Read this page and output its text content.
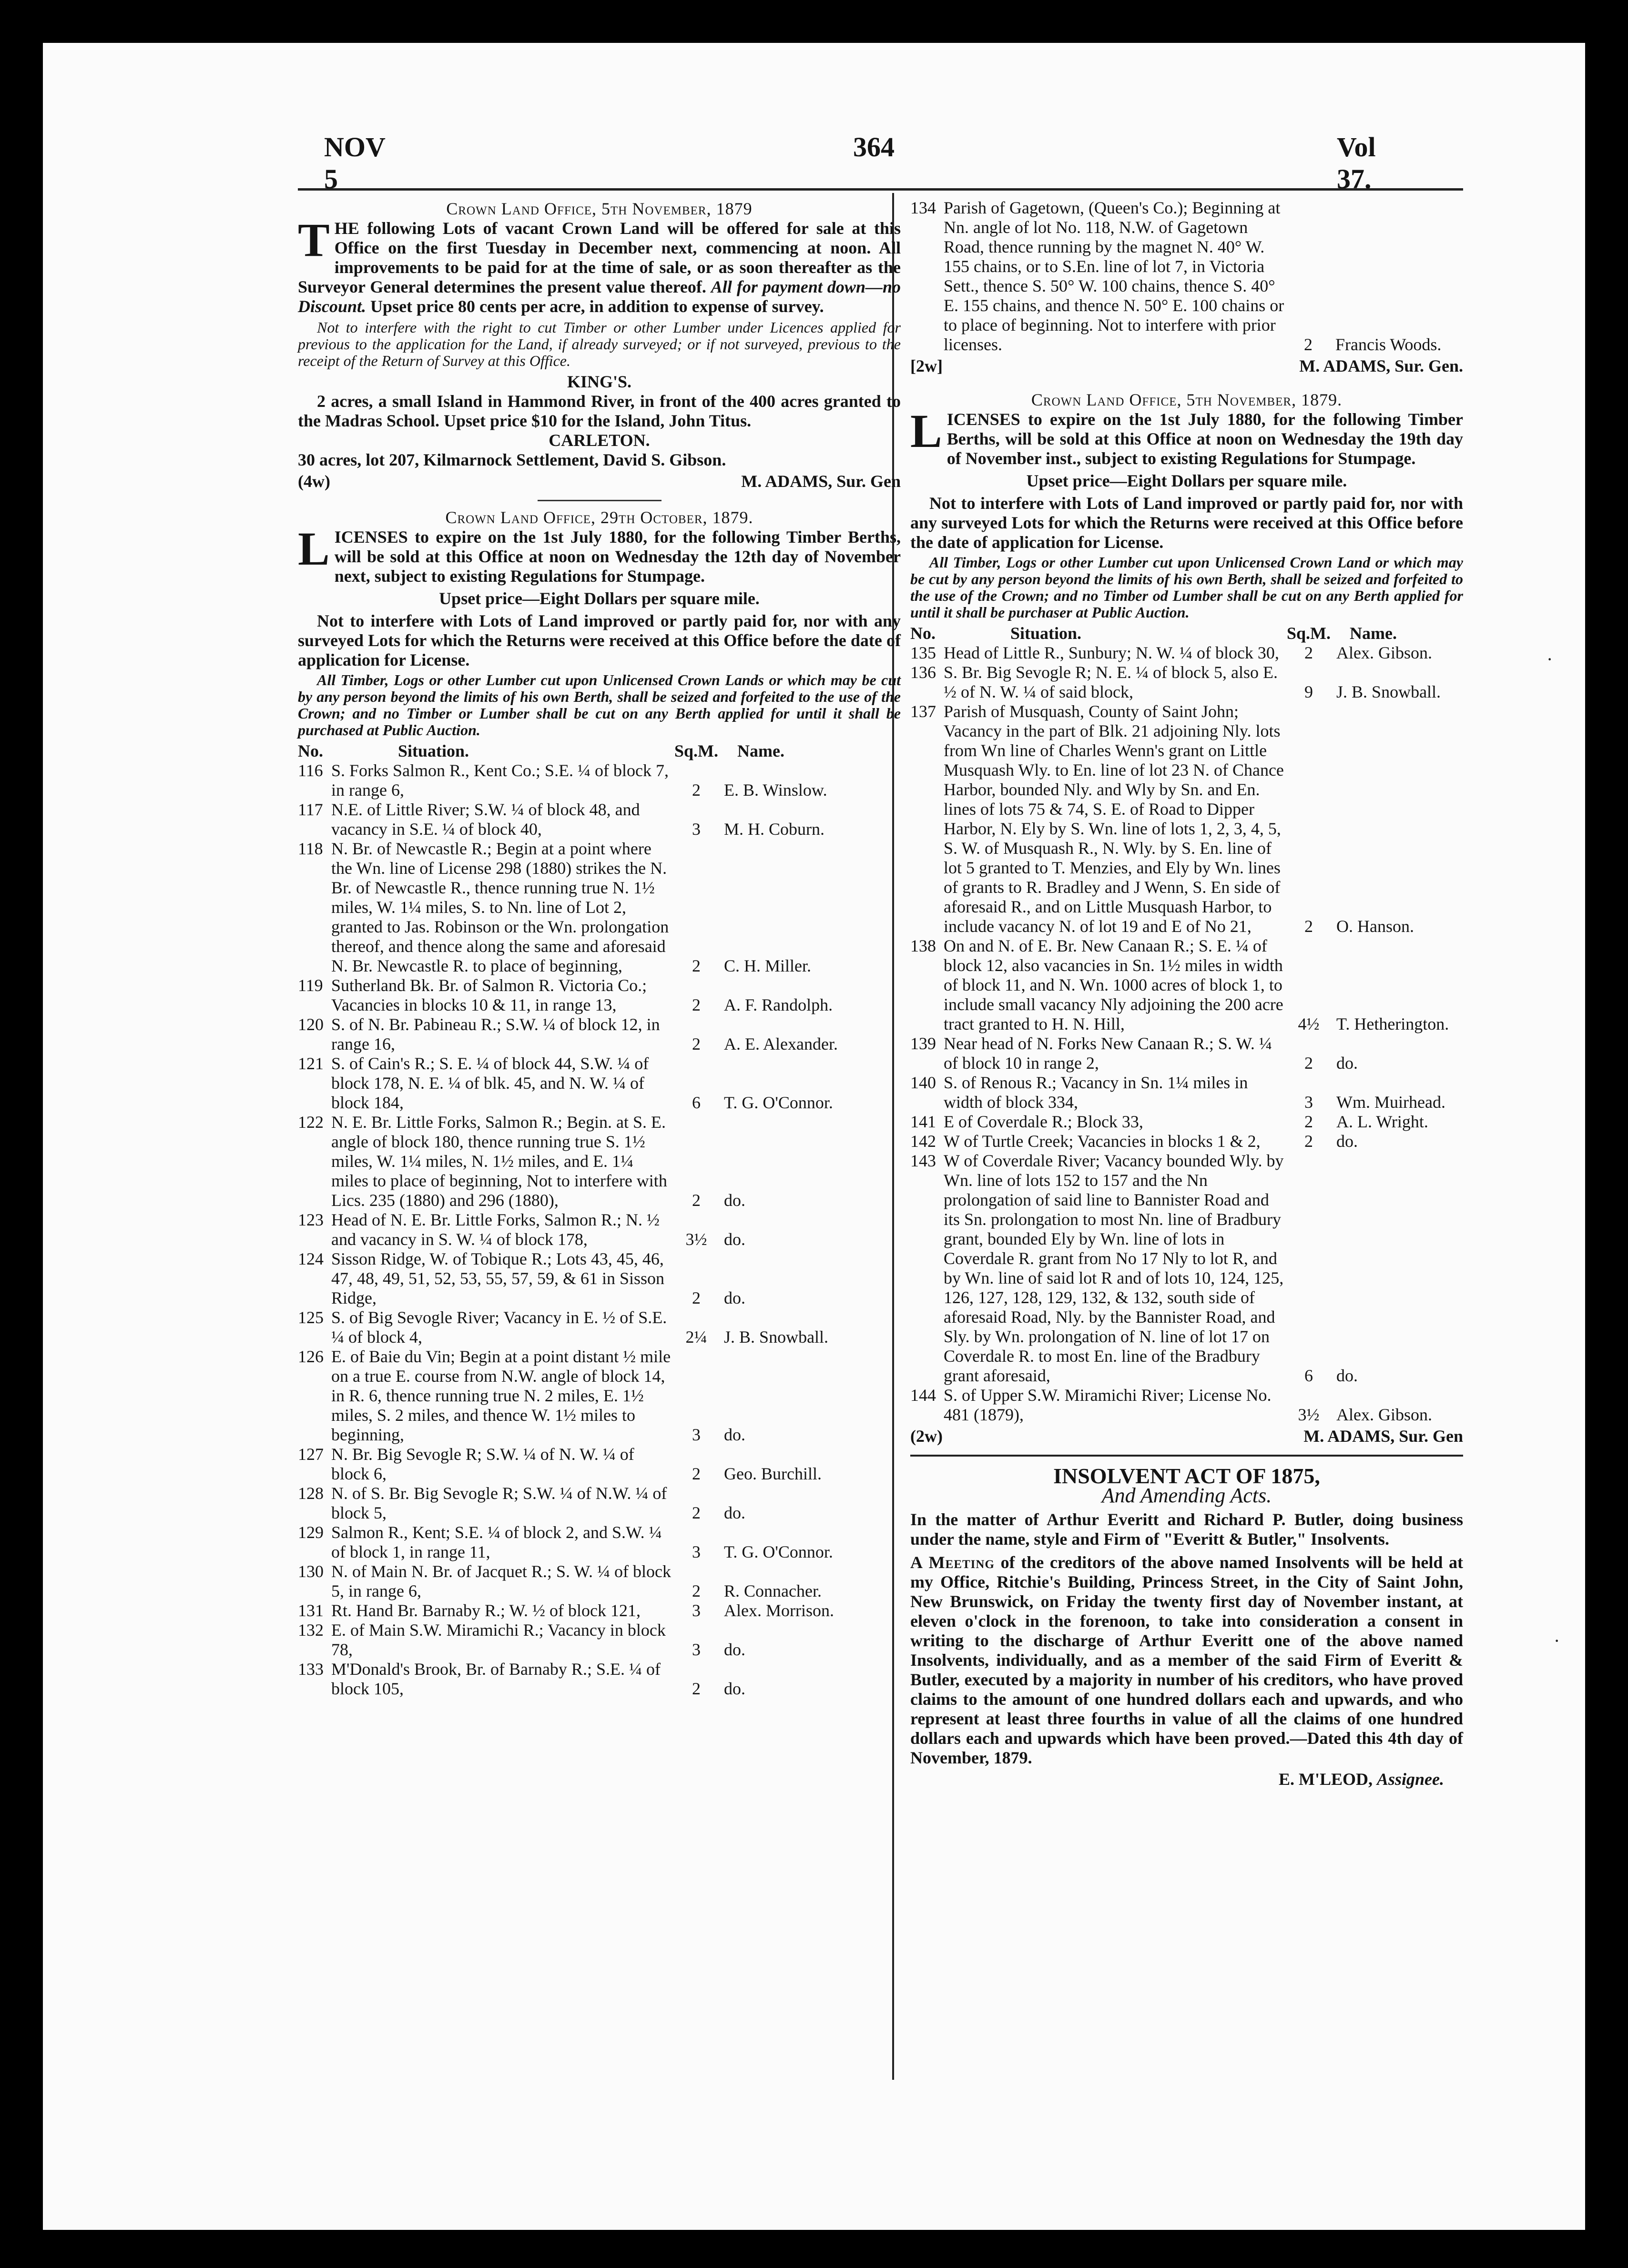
NOV 5
364	Vol 37.
Crown Land Office, 5th November, 1879

THE following Lots of vacant Crown Land will be offered for sale at this Office on the first Tuesday in December next, commencing at noon. All improvements to be paid for at the time of sale, or as soon thereafter as the Surveyor General determines the present value thereof. All for payment down—no Discount. Upset price 80 cents per acre, in addition to expense of survey.

Not to interfere with the right to cut Timber or other Lumber under Licences applied for previous to the application for the Land, if already surveyed; or if not surveyed, previous to the receipt of the Return of Survey at this Office.

KING'S.

2 acres, a small Island in Hammond River, in front of the 400 acres granted to the Madras School. Upset price $10 for the Island, John Titus.

CARLETON.

30 acres, lot 207, Kilmarnock Settlement, David S. Gibson.

(4w)	M. ADAMS, Sur. Gen
Crown Land Office, 29th October, 1879.

LICENSES to expire on the 1st July 1880, for the following Timber Berths, will be sold at this Office at noon on Wednesday the 12th day of November next, subject to existing Regulations for Stumpage.

Upset price—Eight Dollars per square mile.

Not to interfere with Lots of Land improved or partly paid for, nor with any surveyed Lots for which the Returns were received at this Office before the date of application for License.

All Timber, Logs or other Lumber cut upon Unlicensed Crown Lands or which may be cut by any person beyond the limits of his own Berth, shall be seized and forfeited to the use of the Crown; and no Timber or Lumber shall be cut on any Berth applied for until it shall be purchased at Public Auction.

No.	Situation.	Sq.M.	Name.
116	S. Forks Salmon R., Kent Co.; S.E. ¼ of block 7, in range 6,	2	E. B. Winslow.
117	N.E. of Little River; S.W. ¼ of block 48, and vacancy in S.E. ¼ of block 40,	3	M. H. Coburn.
118	N. Br. of Newcastle R.; Begin at a point where the Wn. line of License 298 (1880) strikes the N. Br. of Newcastle R., thence running true N. 1½ miles, W. 1¼ miles, S. to Nn. line of Lot 2, granted to Jas. Robinson or the Wn. prolongation thereof, and thence along the same and aforesaid N. Br. Newcastle R. to place of beginning,	2	C. H. Miller.
119	Sutherland Bk. Br. of Salmon R. Victoria Co.; Vacancies in blocks 10 & 11, in range 13,	2	A. F. Randolph.
120	S. of N. Br. Pabineau R.; S.W. ¼ of block 12, in range 16,	2	A. E. Alexander.
121	S. of Cain's R.; S. E. ¼ of block 44, S.W. ¼ of block 178, N. E. ¼ of blk. 45, and N. W. ¼ of block 184,	6	T. G. O'Connor.
122	N. E. Br. Little Forks, Salmon R.; Begin. at S. E. angle of block 180, thence running true S. 1½ miles, W. 1¼ miles, N. 1½ miles, and E. 1¼ miles to place of beginning, Not to interfere with Lics. 235 (1880) and 296 (1880),	2	do.
123	Head of N. E. Br. Little Forks, Salmon R.; N. ½ and vacancy in S. W. ¼ of block 178,	3½	do.
124	Sisson Ridge, W. of Tobique R.; Lots 43, 45, 46, 47, 48, 49, 51, 52, 53, 55, 57, 59, & 61 in Sisson Ridge,	2	do.
125	S. of Big Sevogle River; Vacancy in E. ½ of S.E. ¼ of block 4,	2¼	J. B. Snowball.
126	E. of Baie du Vin; Begin at a point distant ½ mile on a true E. course from N.W. angle of block 14, in R. 6, thence running true N. 2 miles, E. 1½ miles, S. 2 miles, and thence W. 1½ miles to beginning,	3	do.
127	N. Br. Big Sevogle R; S.W. ¼ of N. W. ¼ of block 6,	2	Geo. Burchill.
128	N. of S. Br. Big Sevogle R; S.W. ¼ of N.W. ¼ of block 5,	2	do.
129	Salmon R., Kent; S.E. ¼ of block 2, and S.W. ¼ of block 1, in range 11,	3	T. G. O'Connor.
130	N. of Main N. Br. of Jacquet R.; S. W. ¼ of block 5, in range 6,	2	R. Connacher.
131	Rt. Hand Br. Barnaby R.; W. ½ of block 121,	3	Alex. Morrison.
132	E. of Main S.W. Miramichi R.; Vacancy in block 78,	3	do.
133	M'Donald's Brook, Br. of Barnaby R.; S.E. ¼ of block 105,	2	do.
134	Parish of Gagetown, (Queen's Co.); Beginning at Nn. angle of lot No. 118, N.W. of Gagetown Road, thence running by the magnet N. 40° W. 155 chains, or to S.En. line of lot 7, in Victoria Sett., thence S. 50° W. 100 chains, thence S. 40° E. 155 chains, and thence N. 50° E. 100 chains or to place of beginning. Not to interfere with prior licenses.	2	Francis Woods.
[2w]	M. ADAMS, Sur. Gen.
Crown Land Office, 5th November, 1879.

LICENSES to expire on the 1st July 1880, for the following Timber Berths, will be sold at this Office at noon on Wednesday the 19th day of November inst., subject to existing Regulations for Stumpage.

Upset price—Eight Dollars per square mile.

Not to interfere with Lots of Land improved or partly paid for, nor with any surveyed Lots for which the Returns were received at this Office before the date of application for License.

All Timber, Logs or other Lumber cut upon Unlicensed Crown Land or which may be cut by any person beyond the limits of his own Berth, shall be seized and forfeited to the use of the Crown; and no Timber od Lumber shall be cut on any Berth applied for until it shall be purchaser at Public Auction.

No.	Situation.	Sq.M.	Name.
135	Head of Little R., Sunbury; N. W. ¼ of block 30,	2	Alex. Gibson.
136	S. Br. Big Sevogle R; N. E. ¼ of block 5, also E. ½ of N. W. ¼ of said block,	9	J. B. Snowball.
137	Parish of Musquash, County of Saint John; Vacancy in the part of Blk. 21 adjoining Nly. lots from Wn line of Charles Wenn's grant on Little Musquash Wly. to En. line of lot 23 N. of Chance Harbor, bounded Nly. and Wly by Sn. and En. lines of lots 75 & 74, S. E. of Road to Dipper Harbor, N. Ely by S. Wn. line of lots 1, 2, 3, 4, 5, S. W. of Musquash R., N. Wly. by S. En. line of lot 5 granted to T. Menzies, and Ely by Wn. lines of grants to R. Bradley and J Wenn, S. En side of aforesaid R., and on Little Musquash Harbor, to include vacancy N. of lot 19 and E of No 21,	2	O. Hanson.
138	On and N. of E. Br. New Canaan R.; S. E. ¼ of block 12, also vacancies in Sn. 1½ miles in width of block 11, and N. Wn. 1000 acres of block 1, to include small vacancy Nly adjoining the 200 acre tract granted to H. N. Hill,	4½	T. Hetherington.
139	Near head of N. Forks New Canaan R.; S. W. ¼ of block 10 in range 2,	2	do.
140	S. of Renous R.; Vacancy in Sn. 1¼ miles in width of block 334,	3	Wm. Muirhead.
141	E of Coverdale R.; Block 33,	2	A. L. Wright.
142	W of Turtle Creek; Vacancies in blocks 1 & 2,	2	do.
143	W of Coverdale River; Vacancy bounded Wly. by Wn. line of lots 152 to 157 and the Nn prolongation of said line to Bannister Road and its Sn. prolongation to most Nn. line of Bradbury grant, bounded Ely by Wn. line of lots in Coverdale R. grant from No 17 Nly to lot R, and by Wn. line of said lot R and of lots 10, 124, 125, 126, 127, 128, 129, 132, & 132, south side of aforesaid Road, Nly. by the Bannister Road, and Sly. by Wn. prolongation of N. line of lot 17 on Coverdale R. to most En. line of the Bradbury grant aforesaid,	6	do.
144	S. of Upper S.W. Miramichi River; License No. 481 (1879),	3½	Alex. Gibson.
(2w)	M. ADAMS, Sur. Gen
INSOLVENT ACT OF 1875,
And Amending Acts.

In the matter of Arthur Everitt and Richard P. Butler, doing business under the name, style and Firm of "Everitt & Butler," Insolvents.

A Meeting of the creditors of the above named Insolvents will be held at my Office, Ritchie's Building, Princess Street, in the City of Saint John, New Brunswick, on Friday the twenty first day of November instant, at eleven o'clock in the forenoon, to take into consideration a consent in writing to the discharge of Arthur Everitt one of the above named Insolvents, individually, and as a member of the said Firm of Everitt & Butler, executed by a majority in number of his creditors, who have proved claims to the amount of one hundred dollars each and upwards, and who represent at least three fourths in value of all the claims of one hundred dollars each and upwards which have been proved.—Dated this 4th day of November, 1879.

E. M'LEOD, Assignee.
·
·
